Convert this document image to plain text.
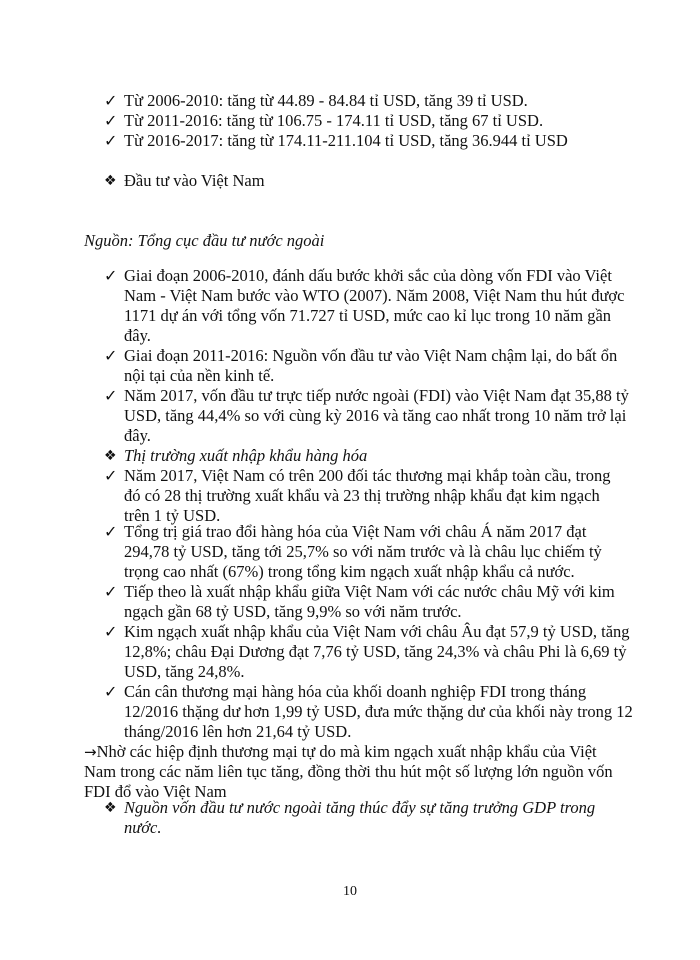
✓ Từ 2006-2010: tăng từ 44.89 - 84.84 tỉ USD, tăng 39 tỉ USD.
✓ Từ 2011-2016: tăng từ 106.75 - 174.11 tỉ USD, tăng 67 tỉ USD.
✓ Từ 2016-2017: tăng từ 174.11-211.104 tỉ USD, tăng 36.944 tỉ USD
❖ Đầu tư vào Việt Nam
Nguồn: Tổng cục đầu tư nước ngoài
✓ Giai đoạn 2006-2010, đánh dấu bước khởi sắc của dòng vốn FDI vào Việt
Nam - Việt Nam bước vào WTO (2007). Năm 2008, Việt Nam thu hút được
1171 dự án với tổng vốn 71.727 tỉ USD, mức cao kỉ lục trong 10 năm gần
đây.
✓ Giai đoạn 2011-2016: Nguồn vốn đầu tư vào Việt Nam chậm lại, do bất ổn
nội tại của nền kinh tế.
✓ Năm 2017, vốn đầu tư trực tiếp nước ngoài (FDI) vào Việt Nam đạt 35,88 tỷ
USD, tăng 44,4% so với cùng kỳ 2016 và tăng cao nhất trong 10 năm trở lại
đây.
❖ Thị trường xuất nhập khẩu hàng hóa
✓ Năm 2017, Việt Nam có trên 200 đối tác thương mại khắp toàn cầu, trong
đó có 28 thị trường xuất khẩu và 23 thị trường nhập khẩu đạt kim ngạch
trên 1 tỷ USD.
✓ Tổng trị giá trao đổi hàng hóa của Việt Nam với châu Á năm 2017 đạt
294,78 tỷ USD, tăng tới 25,7% so với năm trước và là châu lục chiếm tỷ
trọng cao nhất (67%) trong tổng kim ngạch xuất nhập khẩu cả nước.
✓ Tiếp theo là xuất nhập khẩu giữa Việt Nam với các nước châu Mỹ với kim
ngạch gần 68 tỷ USD, tăng 9,9% so với năm trước.
✓ Kim ngạch xuất nhập khẩu của Việt Nam với châu Âu đạt 57,9 tỷ USD, tăng
12,8%; châu Đại Dương đạt 7,76 tỷ USD, tăng 24,3% và châu Phi là 6,69 tỷ
USD, tăng 24,8%.
✓ Cán cân thương mại hàng hóa của khối doanh nghiệp FDI trong tháng
12/2016 thặng dư hơn 1,99 tỷ USD, đưa mức thặng dư của khối này trong 12
tháng/2016 lên hơn 21,64 tỷ USD.
→Nhờ các hiệp định thương mại tự do mà kim ngạch xuất nhập khẩu của Việt
Nam trong các năm liên tục tăng, đồng thời thu hút một số lượng lớn nguồn vốn
FDI đổ vào Việt Nam
❖ Nguồn vốn đầu tư nước ngoài tăng thúc đẩy sự tăng trưởng GDP trong
nước.
10
